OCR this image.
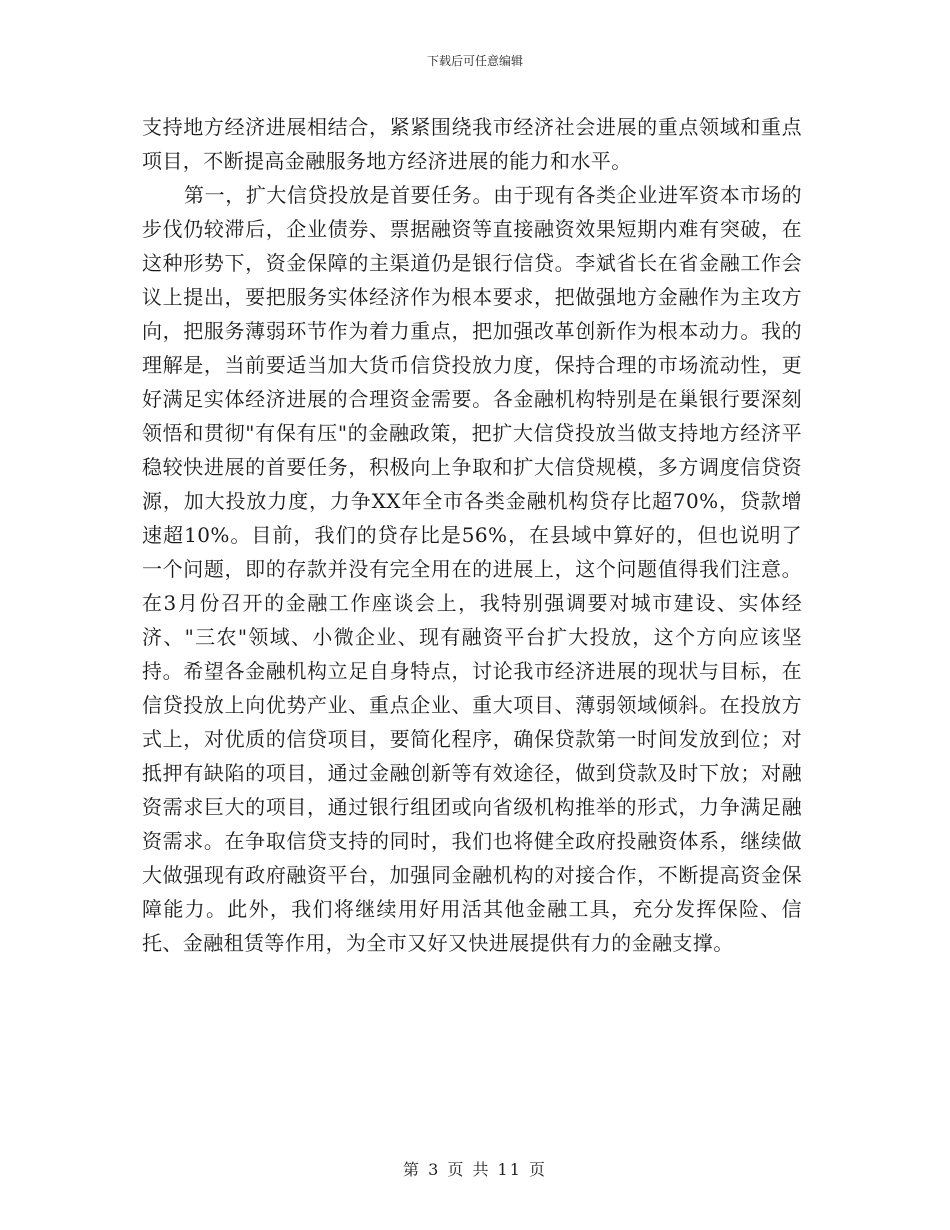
下载后可任意编辑

支持地方经济进展相结合，紧紧围绕我市经济社会进展的重点领域和重点项目，不断提高金融服务地方经济进展的能力和水平。

第一，扩大信贷投放是首要任务。由于现有各类企业进军资本市场的步伐仍较滞后，企业债券、票据融资等直接融资效果短期内难有突破，在这种形势下，资金保障的主渠道仍是银行信贷。李斌省长在省金融工作会议上提出，要把服务实体经济作为根本要求，把做强地方金融作为主攻方向，把服务薄弱环节作为着力重点，把加强改革创新作为根本动力。我的理解是，当前要适当加大货币信贷投放力度，保持合理的市场流动性，更好满足实体经济进展的合理资金需要。各金融机构特别是在巢银行要深刻领悟和贯彻"有保有压"的金融政策，把扩大信贷投放当做支持地方经济平稳较快进展的首要任务，积极向上争取和扩大信贷规模，多方调度信贷资源，加大投放力度，力争XX年全市各类金融机构贷存比超70%，贷款增速超10%。目前，我们的贷存比是56%，在县域中算好的，但也说明了一个问题，即的存款并没有完全用在的进展上，这个问题值得我们注意。在3月份召开的金融工作座谈会上，我特别强调要对城市建设、实体经济、"三农"领域、小微企业、现有融资平台扩大投放，这个方向应该坚持。希望各金融机构立足自身特点，讨论我市经济进展的现状与目标，在信贷投放上向优势产业、重点企业、重大项目、薄弱领域倾斜。在投放方式上，对优质的信贷项目，要简化程序，确保贷款第一时间发放到位；对抵押有缺陷的项目，通过金融创新等有效途径，做到贷款及时下放；对融资需求巨大的项目，通过银行组团或向省级机构推举的形式，力争满足融资需求。在争取信贷支持的同时，我们也将健全政府投融资体系，继续做大做强现有政府融资平台，加强同金融机构的对接合作，不断提高资金保障能力。此外，我们将继续用好用活其他金融工具，充分发挥保险、信托、金融租赁等作用，为全市又好又快进展提供有力的金融支撑。

第 3 页 共 11 页
